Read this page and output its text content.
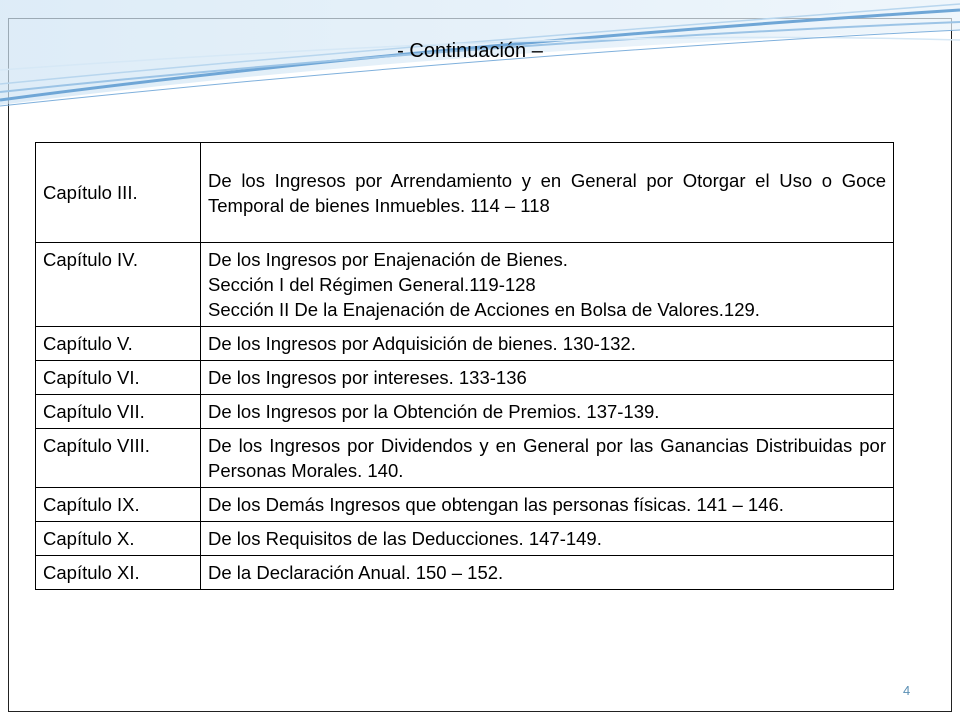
- Continuación –
Capítulo III.	De los Ingresos por Arrendamiento y en General por Otorgar el Uso o Goce Temporal de bienes Inmuebles. 114 – 118

Capítulo IV.	De los Ingresos por Enajenación de Bienes.
Sección I del Régimen General.119-128
Sección II De la Enajenación de Acciones en Bolsa de Valores.129.

Capítulo V.	De los Ingresos por Adquisición de bienes. 130-132.

Capítulo VI.	De los Ingresos por intereses. 133-136

Capítulo VII.	De los Ingresos por la Obtención de Premios. 137-139.

Capítulo VIII.	De los Ingresos por Dividendos y en General por las Ganancias Distribuidas por Personas Morales. 140.

Capítulo IX.	De los Demás Ingresos que obtengan las personas físicas. 141 – 146.

Capítulo X.	De los Requisitos de las Deducciones. 147-149.

Capítulo XI.	De la Declaración Anual. 150 – 152.
4
